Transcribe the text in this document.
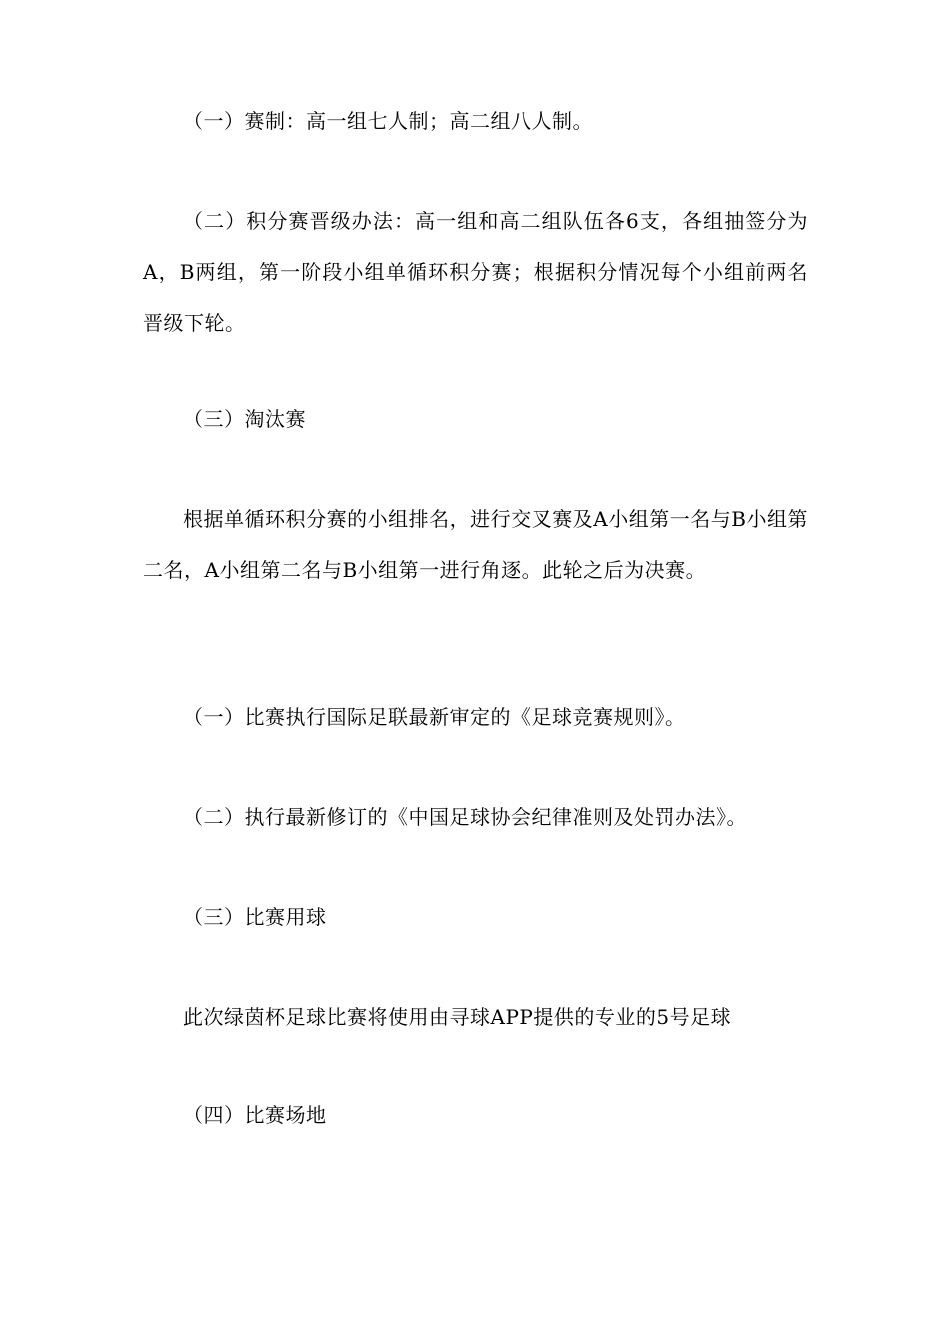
（一）赛制：高一组七人制；高二组八人制。

（二）积分赛晋级办法：高一组和高二组队伍各6支，各组抽签分为A，B两组，第一阶段小组单循环积分赛；根据积分情况每个小组前两名晋级下轮。

（三）淘汰赛

根据单循环积分赛的小组排名，进行交叉赛及A小组第一名与B小组第二名，A小组第二名与B小组第一进行角逐。此轮之后为决赛。

（一）比赛执行国际足联最新审定的《足球竞赛规则》。

（二）执行最新修订的《中国足球协会纪律准则及处罚办法》。

（三）比赛用球

此次绿茵杯足球比赛将使用由寻球APP提供的专业的5号足球

（四）比赛场地
